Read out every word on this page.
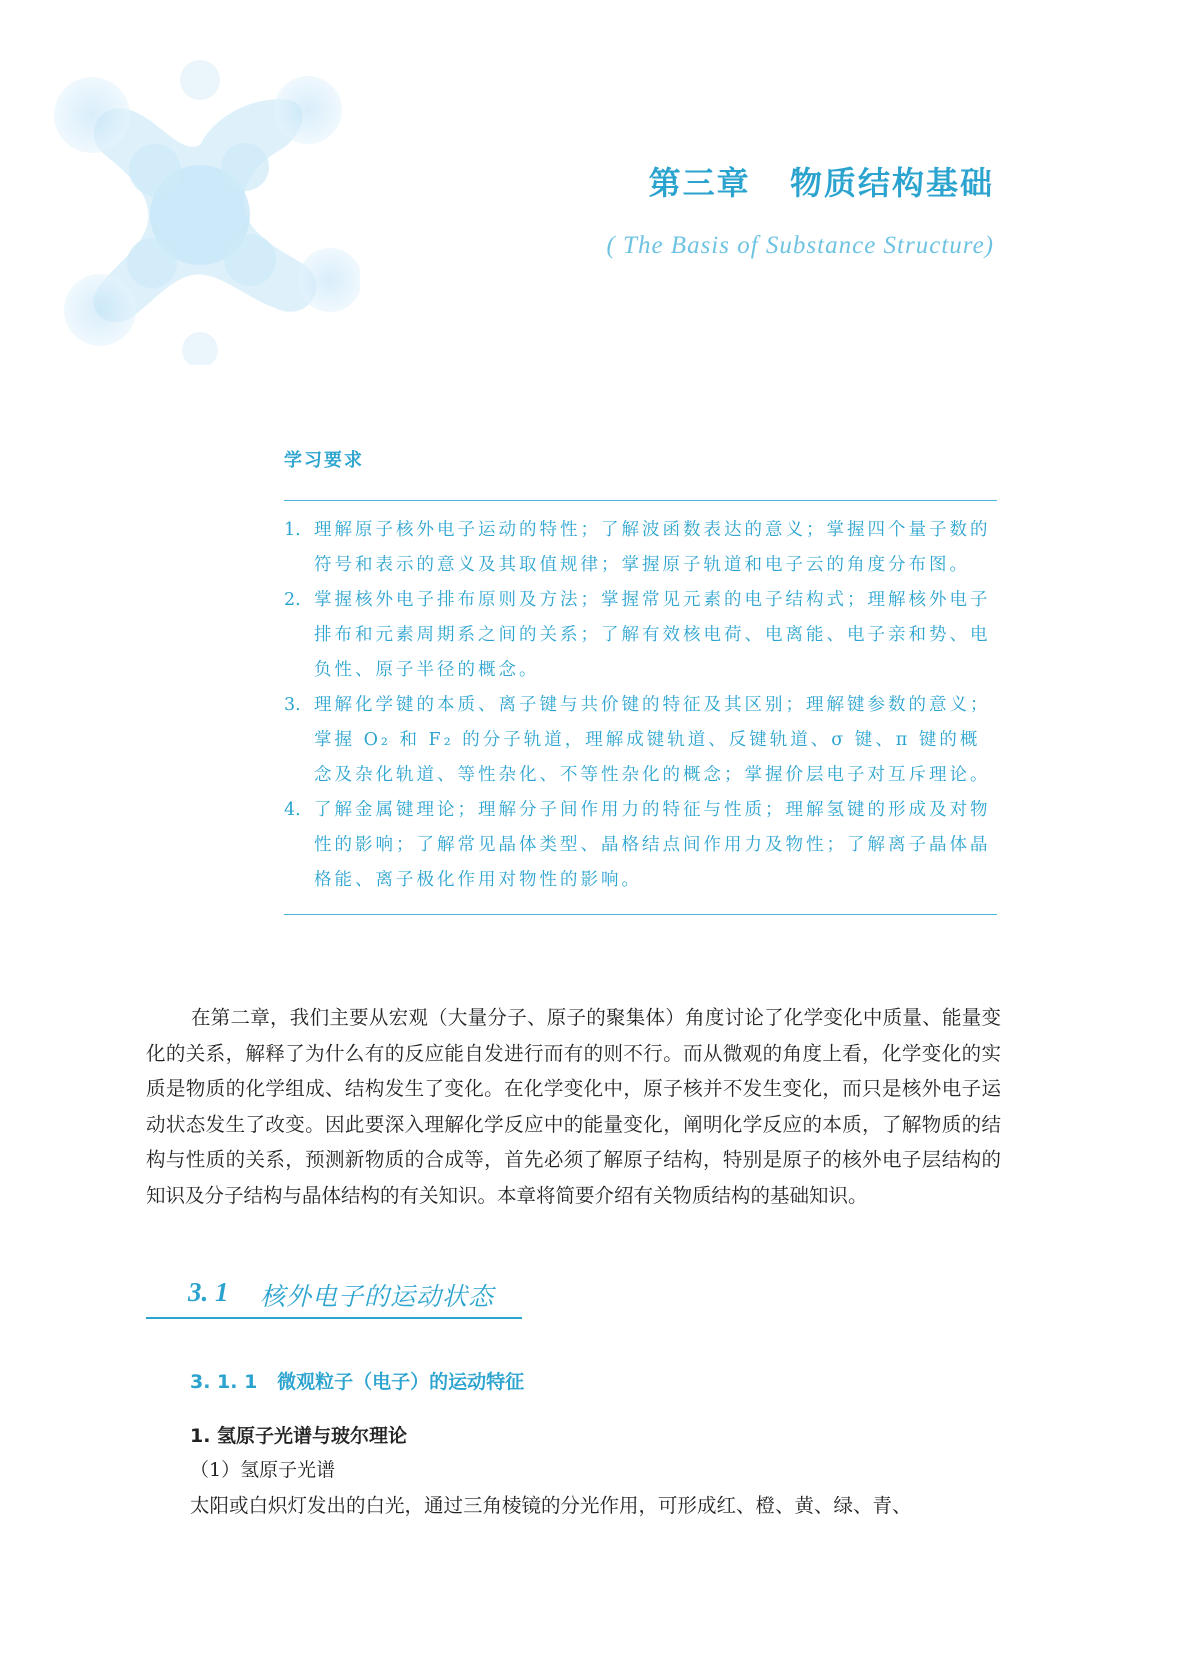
第三章   物质结构基础
( The Basis of Substance Structure)
学习要求
1. 理解原子核外电子运动的特性；了解波函数表达的意义；掌握四个量子数的符号和表示的意义及其取值规律；掌握原子轨道和电子云的角度分布图。
2. 掌握核外电子排布原则及方法；掌握常见元素的电子结构式；理解核外电子排布和元素周期系之间的关系；了解有效核电荷、电离能、电子亲和势、电负性、原子半径的概念。
3. 理解化学键的本质、离子键与共价键的特征及其区别；理解键参数的意义；掌握 O₂ 和 F₂ 的分子轨道，理解成键轨道、反键轨道、σ 键、π 键的概念及杂化轨道、等性杂化、不等性杂化的概念；掌握价层电子对互斥理论。
4. 了解金属键理论；理解分子间作用力的特征与性质；理解氢键的形成及对物性的影响；了解常见晶体类型、晶格结点间作用力及物性；了解离子晶体晶格能、离子极化作用对物性的影响。

在第二章，我们主要从宏观（大量分子、原子的聚集体）角度讨论了化学变化中质量、能量变化的关系，解释了为什么有的反应能自发进行而有的则不行。而从微观的角度上看，化学变化的实质是物质的化学组成、结构发生了变化。在化学变化中，原子核并不发生变化，而只是核外电子运动状态发生了改变。因此要深入理解化学反应中的能量变化，阐明化学反应的本质，了解物质的结构与性质的关系，预测新物质的合成等，首先必须了解原子结构，特别是原子的核外电子层结构的知识及分子结构与晶体结构的有关知识。本章将简要介绍有关物质结构的基础知识。

3. 1 核外电子的运动状态
3. 1. 1   微观粒子（电子）的运动特征
1. 氢原子光谱与玻尔理论
（1）氢原子光谱

太阳或白炽灯发出的白光，通过三角棱镜的分光作用，可形成红、橙、黄、绿、青、
